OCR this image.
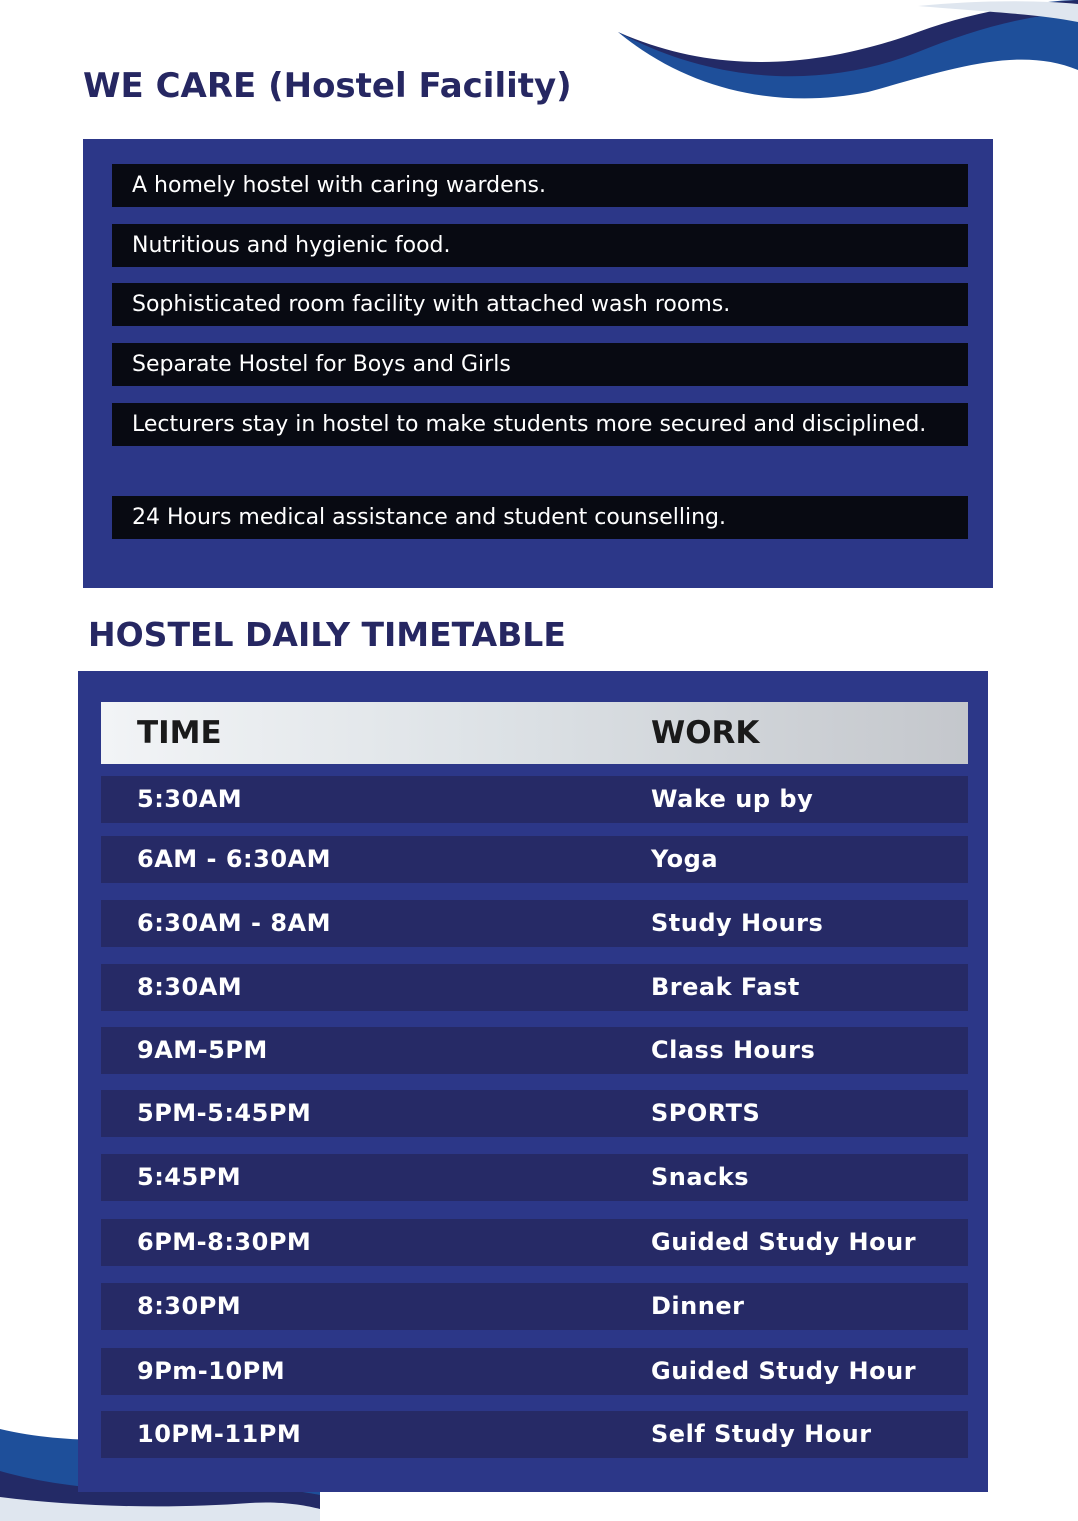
WE CARE (Hostel Facility)
A homely hostel with caring wardens.
Nutritious and hygienic food.
Sophisticated room facility with attached wash rooms.
Separate Hostel for Boys and Girls
Lecturers stay in hostel to make students more secured and disciplined.
24 Hours medical assistance and student counselling.
HOSTEL DAILY TIMETABLE
TIME	WORK
5:30AM	Wake up by
6AM - 6:30AM	Yoga
6:30AM - 8AM	Study Hours
8:30AM	Break Fast
9AM-5PM	Class Hours
5PM-5:45PM	SPORTS
5:45PM	Snacks
6PM-8:30PM	Guided Study Hour
8:30PM	Dinner
9Pm-10PM	Guided Study Hour
10PM-11PM	Self Study Hour
